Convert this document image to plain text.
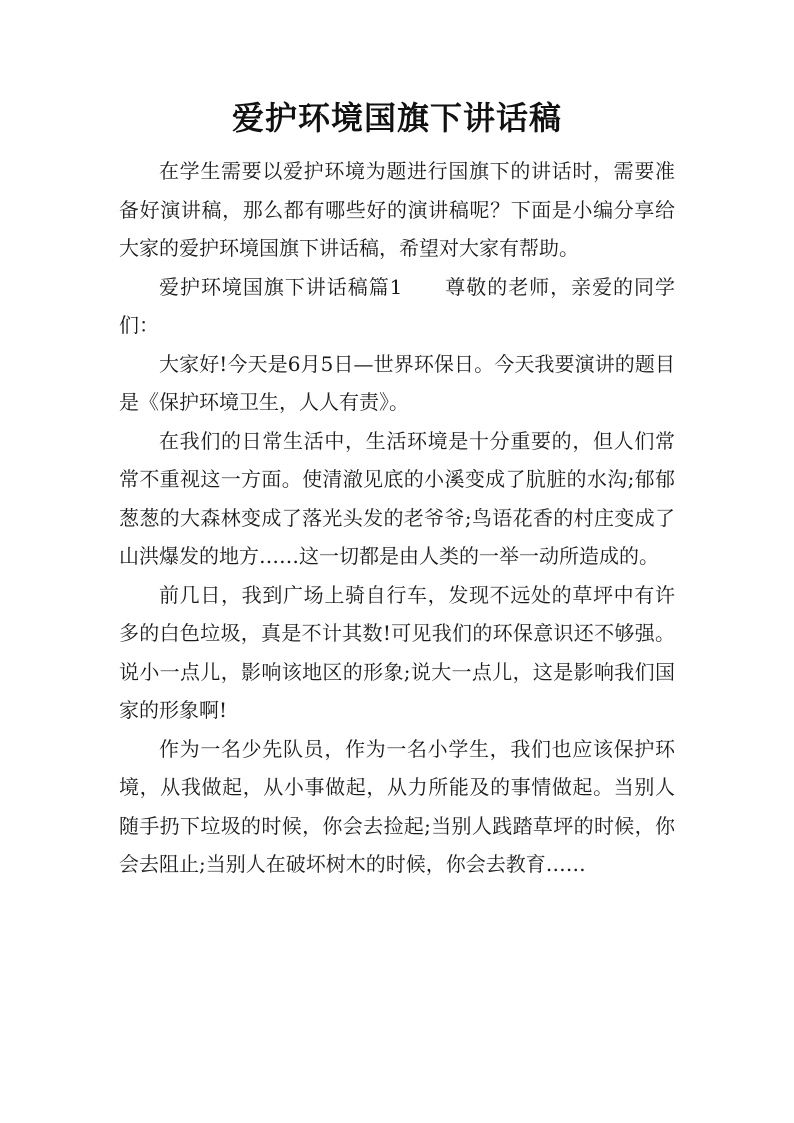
爱护环境国旗下讲话稿

在学生需要以爱护环境为题进行国旗下的讲话时，需要准备好演讲稿，那么都有哪些好的演讲稿呢？下面是小编分享给大家的爱护环境国旗下讲话稿，希望对大家有帮助。

爱护环境国旗下讲话稿篇1　　尊敬的老师，亲爱的同学们：

大家好!今天是6月5日—世界环保日。今天我要演讲的题目是《保护环境卫生，人人有责》。

在我们的日常生活中，生活环境是十分重要的，但人们常常不重视这一方面。使清澈见底的小溪变成了肮脏的水沟;郁郁葱葱的大森林变成了落光头发的老爷爷;鸟语花香的村庄变成了山洪爆发的地方……这一切都是由人类的一举一动所造成的。

前几日，我到广场上骑自行车，发现不远处的草坪中有许多的白色垃圾，真是不计其数!可见我们的环保意识还不够强。说小一点儿，影响该地区的形象;说大一点儿，这是影响我们国家的形象啊!

作为一名少先队员，作为一名小学生，我们也应该保护环境，从我做起，从小事做起，从力所能及的事情做起。当别人随手扔下垃圾的时候，你会去捡起;当别人践踏草坪的时候，你会去阻止;当别人在破坏树木的时候，你会去教育……
